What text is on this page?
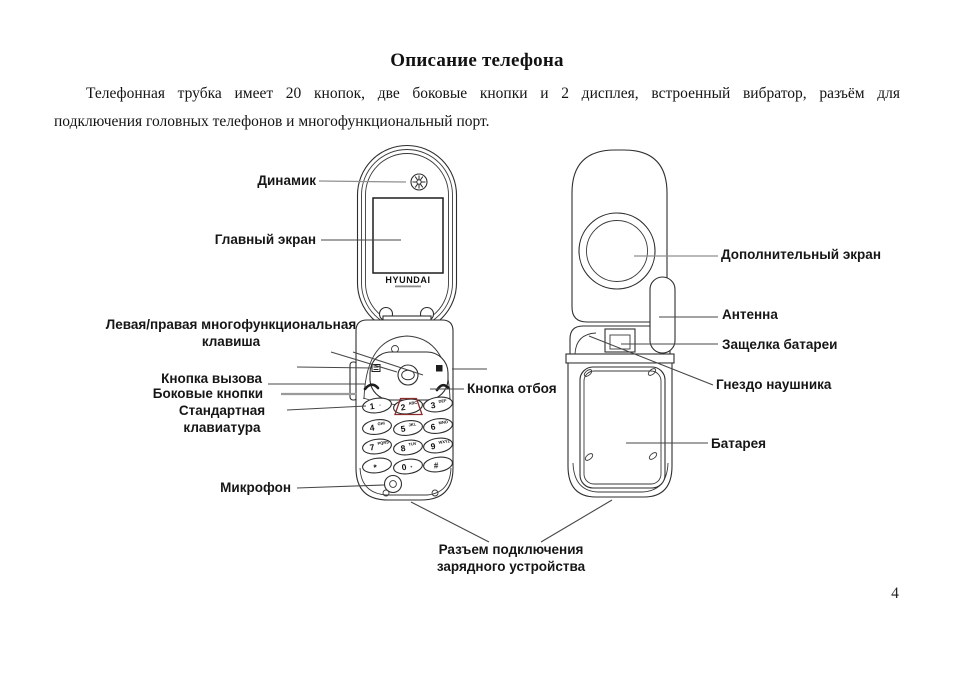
Описание телефона
Телефонная трубка имеет 20 кнопок, две боковые кнопки и 2 дисплея, встроенный вибратор, разъём для
подключения головных телефонов и многофункциональный порт.
HYUNDAI
1 – 2 ABC 3 DEF
4 GHI
5 JKL 6 MNO
7 PQRS
8 TUV 9 WXYZ
*	0 + #
Динамик
Главный экран
Левая/правая многофункциональная
клавиша
Кнопка вызова
Боковые кнопки
Стандартная
клавиатура
Микрофон
Кнопка отбоя
Дополнительный экран
Антенна
Защелка батареи
Гнездо наушника
Батарея
Разъем подключения
зарядного устройства
4
